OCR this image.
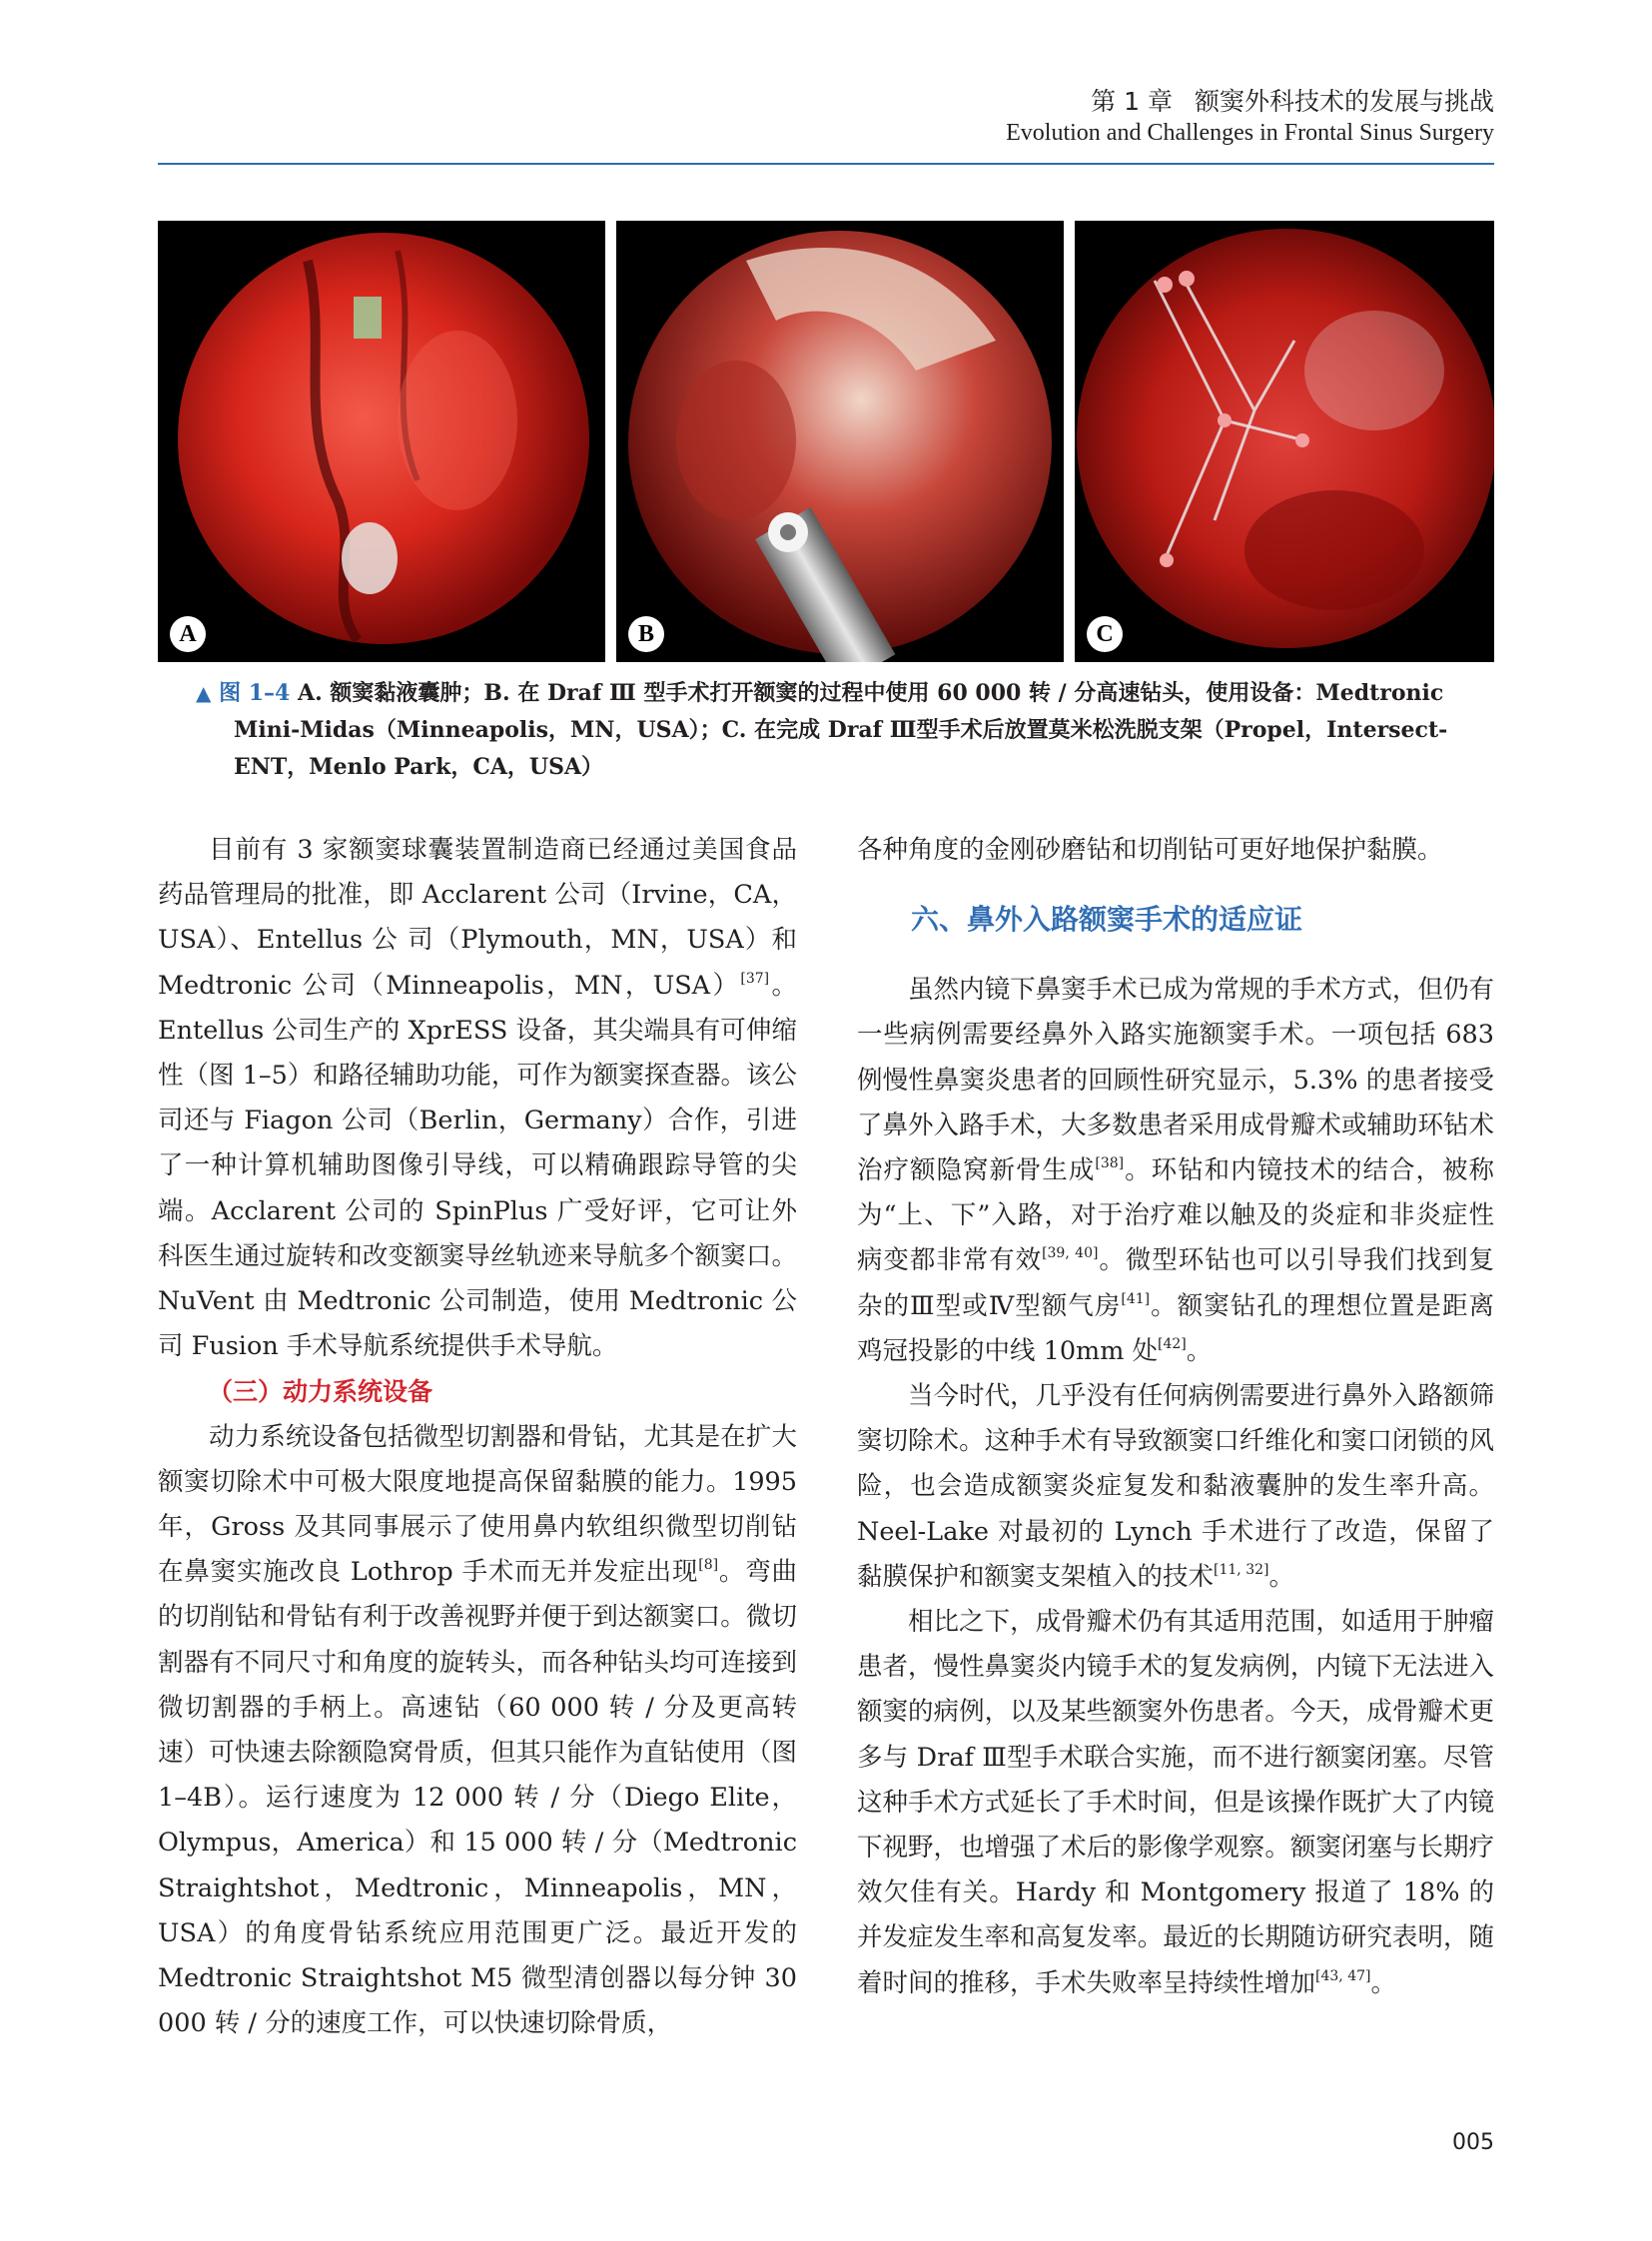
第 1 章 额窦外科技术的发展与挑战
Evolution and Challenges in Frontal Sinus Surgery
A	B	C
▲ 图 1–4 A. 额窦黏液囊肿；B. 在 Draf Ⅲ 型手术打开额窦的过程中使用 60 000 转 / 分高速钻头，使用设备：Medtronic Mini-Midas（Minneapolis，MN，USA）；C. 在完成 Draf Ⅲ型手术后放置莫米松洗脱支架（Propel，Intersect-ENT，Menlo Park，CA，USA）

目前有 3 家额窦球囊装置制造商已经通过美国食品药品管理局的批准，即 Acclarent 公司（Irvine，CA，USA）、Entellus 公 司（Plymouth，MN，USA）和 Medtronic 公司（Minneapolis，MN，USA）[37]。Entellus 公司生产的 XprESS 设备，其尖端具有可伸缩性（图 1–5）和路径辅助功能，可作为额窦探查器。该公司还与 Fiagon 公司（Berlin，Germany）合作，引进了一种计算机辅助图像引导线，可以精确跟踪导管的尖端。Acclarent 公司的 SpinPlus 广受好评，它可让外科医生通过旋转和改变额窦导丝轨迹来导航多个额窦口。NuVent 由 Medtronic 公司制造，使用 Medtronic 公司 Fusion 手术导航系统提供手术导航。

（三）动力系统设备

动力系统设备包括微型切割器和骨钻，尤其是在扩大额窦切除术中可极大限度地提高保留黏膜的能力。1995 年，Gross 及其同事展示了使用鼻内软组织微型切削钻在鼻窦实施改良 Lothrop 手术而无并发症出现[8]。弯曲的切削钻和骨钻有利于改善视野并便于到达额窦口。微切割器有不同尺寸和角度的旋转头，而各种钻头均可连接到微切割器的手柄上。高速钻（60 000 转 / 分及更高转速）可快速去除额隐窝骨质，但其只能作为直钻使用（图 1–4B）。运行速度为 12 000 转 / 分（Diego Elite，Olympus，America）和 15 000 转 / 分（Medtronic Straightshot，Medtronic，Minneapolis，MN，USA）的角度骨钻系统应用范围更广泛。最近开发的 Medtronic Straightshot M5 微型清创器以每分钟 30 000 转 / 分的速度工作，可以快速切除骨质，

各种角度的金刚砂磨钻和切削钻可更好地保护黏膜。

六、鼻外入路额窦手术的适应证

虽然内镜下鼻窦手术已成为常规的手术方式，但仍有一些病例需要经鼻外入路实施额窦手术。一项包括 683 例慢性鼻窦炎患者的回顾性研究显示，5.3% 的患者接受了鼻外入路手术，大多数患者采用成骨瓣术或辅助环钻术治疗额隐窝新骨生成[38]。环钻和内镜技术的结合，被称为“上、下”入路，对于治疗难以触及的炎症和非炎症性病变都非常有效[39, 40]。微型环钻也可以引导我们找到复杂的Ⅲ型或Ⅳ型额气房[41]。额窦钻孔的理想位置是距离鸡冠投影的中线 10mm 处[42]。

当今时代，几乎没有任何病例需要进行鼻外入路额筛窦切除术。这种手术有导致额窦口纤维化和窦口闭锁的风险，也会造成额窦炎症复发和黏液囊肿的发生率升高。Neel-Lake 对最初的 Lynch 手术进行了改造，保留了黏膜保护和额窦支架植入的技术[11, 32]。

相比之下，成骨瓣术仍有其适用范围，如适用于肿瘤患者，慢性鼻窦炎内镜手术的复发病例，内镜下无法进入额窦的病例，以及某些额窦外伤患者。今天，成骨瓣术更多与 Draf Ⅲ型手术联合实施，而不进行额窦闭塞。尽管这种手术方式延长了手术时间，但是该操作既扩大了内镜下视野，也增强了术后的影像学观察。额窦闭塞与长期疗效欠佳有关。Hardy 和 Montgomery 报道了 18% 的并发症发生率和高复发率。最近的长期随访研究表明，随着时间的推移，手术失败率呈持续性增加[43, 47]。

005
